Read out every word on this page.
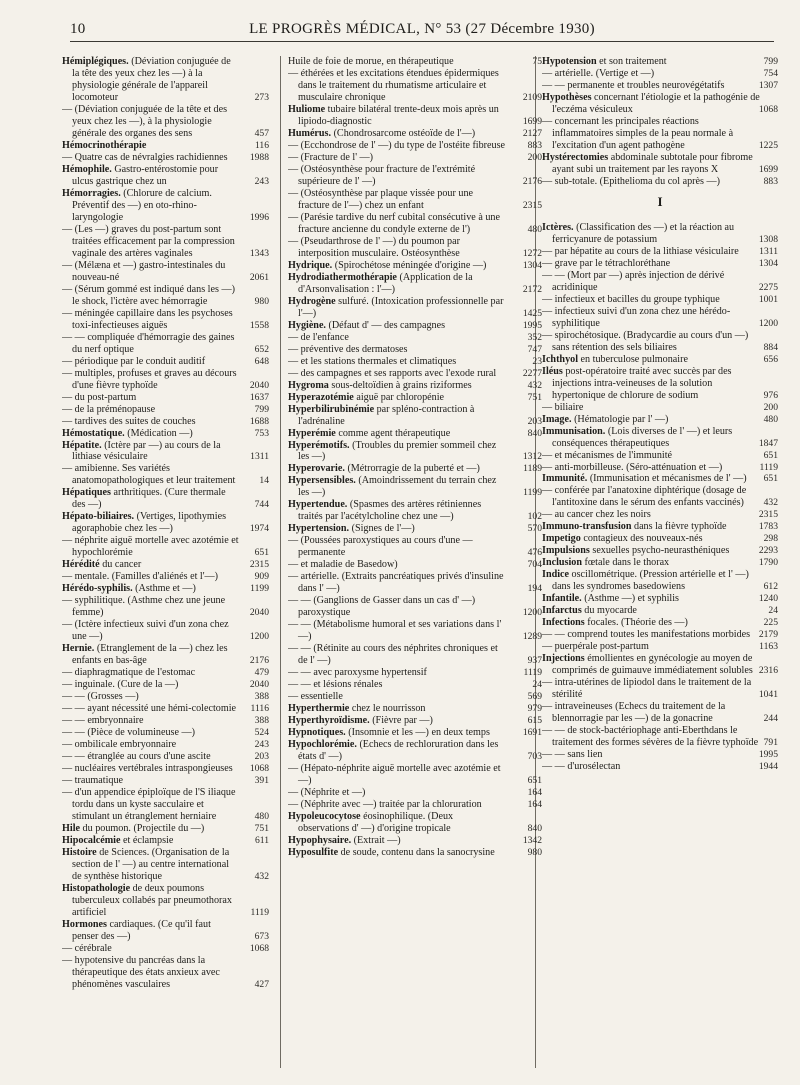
10	LE PROGRÈS MÉDICAL, N° 53 (27 Décembre 1930)
Hémiplégiques. (Déviation conjuguée de la tête des yeux chez les —) à la physiologie générale de l'appareil locomoteur	273
— (Déviation conjuguée de la tête et des yeux chez les —), à la physiologie générale des organes des sens	457
Hémocrinothérapie	116
— Quatre cas de névralgies rachidiennes 1988
Hémophile. Gastro-entérostomie pour ulcus gastrique chez un	243
Hémorragies. (Chlorure de calcium. Préventif des —) en oto-rhino-laryngologie	1996
— (Les —) graves du post-partum sont traitées efficacement par la compression vaginale des artères vaginales	1343
— (Mélæna et —) gastro-intestinales du nouveau-né	2061
— (Sérum gommé est indiqué dans les —) le shock, l'ictère avec hémorragie	980
— méningée capillaire dans les psychoses toxi-infectieuses aiguës	1558
— — compliquée d'hémorragie des gaines du nerf optique	652
— périodique par le conduit auditif	648
— multiples, profuses et graves au décours d'une fièvre typhoïde	2040
— du post-partum	1637
— de la préménopause	799
— tardives des suites de couches	1688
Hémostatique. (Médication —)	753
Hépatite. (Ictère par —) au cours de la lithiase vésiculaire	1311
— amibienne. Ses variétés anatomopathologiques et leur traitement	14
Hépatiques arthritiques. (Cure thermale des —)	744
Hépato-biliaires. (Vertiges, lipothymies agoraphobie chez les —)	1974
— néphrite aiguë mortelle avec azotémie et hypochlorémie	651
Hérédité du cancer	2315
— mentale. (Familles d'aliénés et l'—)	909
Hérédo-syphilis. (Asthme et —)	1199
— syphilitique. (Asthme chez une jeune femme)	2040
— (Ictère infectieux suivi d'un zona chez une —)	1200
Hernie. (Etranglement de la —) chez les enfants en bas-âge	2176
— diaphragmatique de l'estomac	479
— inguinale. (Cure de la —)	2040
— — (Grosses —)	388
— — ayant nécessité une hémi-colectomie 1116
— — embryonnaire	388
— — (Pièce de volumineuse —)	524
— ombilicale embryonnaire	243
— — étranglée au cours d'une ascite	203
— nucléaires vertébrales intraspongieuses 1068
— traumatique	391
— d'un appendice épiploïque de l'S iliaque tordu dans un kyste sacculaire et stimulant un étranglement herniaire	480
Hile du poumon. (Projectile du —)	751
Hipocalcémie et éclampsie	611
Histoire de Sciences. (Organisation de la section de l' —) au centre international de synthèse historique	432
Histopathologie de deux poumons tuberculeux collabés par pneumothorax artificiel	1119
Hormones cardiaques. (Ce qu'il faut penser des —)	673
— cérébrale	1068
— hypotensive du pancréas dans la thérapeutique des états anxieux avec phénomènes vasculaires	427
Huile de foie de morue, en thérapeutique	75
— éthérées et les excitations étendues épidermiques dans le traitement du rhumatisme articulaire et musculaire chronique	2109
Huliome tubaire bilatéral trente-deux mois après un lipiodo-diagnostic	1699
Humérus. (Chondrosarcome ostéoïde de l'—)	2127
— (Ecchondrose de l' —) du type de l'ostéite fibreuse 883
— (Fracture de l' —)	200
— (Ostéosynthèse pour fracture de l'extrémité supérieure de l' —)	2176
— (Ostéosynthèse par plaque vissée pour une fracture de l'—) chez un enfant	2315
— (Parésie tardive du nerf cubital consécutive à une fracture ancienne du condyle externe de l')	480
— (Pseudarthrose de l' —) du poumon par interposition musculaire. Ostéosynthèse	1272
Hydrique. (Spirochétose méningée d'origine —)	1304
Hydrodiathermothérapie (Application de la d'Arsonvalisation : l'—)	2172
Hydrogène sulfuré. (Intoxication professionnelle par l'—)	1425
Hygiène. (Défaut d' — des campagnes	1995
— de l'enfance	352
— préventive des dermatoses	747
— et les stations thermales et climatiques	23
— des campagnes et ses rapports avec l'exode rural	2277
Hygroma sous-deltoïdien à grains riziformes	432
Hyperazotémie aiguë par chloropénie	751
Hyperbilirubinémie par spléno-contraction à l'adrénaline	203
Hyperémie comme agent thérapeutique	840
Hyperémotifs. (Troubles du premier sommeil chez les —)	1312
Hyperovarie. (Métrorragie de la puberté et —)	1189
Hypersensibles. (Amoindrissement du terrain chez les —)	1199
Hypertendue. (Spasmes des artères rétiniennes traités par l'acétylcholine chez une —)	102
Hypertension. (Signes de l'—)	570
— (Poussées paroxystiques au cours d'une — permanente	476
— et maladie de Basedow)	704
— artérielle. (Extraits pancréatiques privés d'insuline dans l' —)	194
— — (Ganglions de Gasser dans un cas d' —) paroxystique	1200
— — (Métabolisme humoral et ses variations dans l' —)	1289
— — (Rétinite au cours des néphrites chroniques et de l' —)	937
— — avec paroxysme hypertensif	1119
— — et lésions rénales	24
— essentielle	569
Hyperthermie chez le nourrisson	979
Hyperthyroïdisme. (Fièvre par —)	615
Hypnotiques. (Insomnie et les —) en deux temps	1691
Hypochlorémie. (Echecs de rechloruration dans les états d' —)	703
— (Hépato-néphrite aiguë mortelle avec azotémie et —)	651
— (Néphrite et —)	164
— (Néphrite avec —) traitée par la chloruration	164
Hypoleucocytose éosinophilique. (Deux observations d' —) d'origine tropicale	840
Hypophysaire. (Extrait —)	1342
Hyposulfite de soude, contenu dans la sanocrysine	980
Hypotension et son traitement	799
— artérielle. (Vertige et —)	754
— — permanente et troubles neurovégétatifs	1307
Hypothèses concernant l'étiologie et la pathogénie de l'eczéma vésiculeux	1068
— concernant les principales réactions inflammatoires simples de la peau normale à l'excitation d'un agent pathogène	1225
Hystérectomies abdominale subtotale pour fibrome ayant subi un traitement par les rayons X	1699
— sub-totale. (Epithelioma du col après —)	883
I
Ictères. (Classification des —) et la réaction au ferricyanure de potassium	1308
— par hépatite au cours de la lithiase vésiculaire 1311
— grave par le tétrachloréthane	1304
— — (Mort par —) après injection de dérivé acridinique	2275
— infectieux et bacilles du groupe typhique	1001
— infectieux suivi d'un zona chez une hérédo-syphilitique	1200
— spirochétosique. (Bradycardie au cours d'un —) sans rétention des sels biliaires	884
Ichthyol en tuberculose pulmonaire	656
Iléus post-opératoire traité avec succès par des injections intra-veineuses de la solution hypertonique de chlorure de sodium	976
— biliaire	200
Image. (Hématologie par l' —)	480
Immunisation. (Lois diverses de l' —) et leurs conséquences thérapeutiques	1847
— et mécanismes de l'immunité	651
— anti-morbilleuse. (Séro-atténuation et —)	1119
Immunité. (Immunisation et mécanismes de l' —) 651
— conférée par l'anatoxine diphtérique (dosage de l'antitoxine dans le sérum des enfants vaccinés) 432
— au cancer chez les noirs	2315
Immuno-transfusion dans la fièvre typhoïde	1783
Impetigo contagieux des nouveaux-nés	298
Impulsions sexuelles psycho-neurasthéniques	2293
Inclusion fœtale dans le thorax	1790
Indice oscillométrique. (Pression artérielle et l' —) dans les syndromes basedowiens	612
Infantile. (Asthme —) et syphilis	1240
Infarctus du myocarde	24
Infections focales. (Théorie des —)	225
— — comprend toutes les manifestations morbides 2179
— puerpérale post-partum	1163
Injections émollientes en gynécologie au moyen de comprimés de guimauve immédiatement solubles 2316
— intra-utérines de lipiodol dans le traitement de la stérilité	1041
— intraveineuses (Echecs du traitement de la blennorragie par les —) de la gonacrine	244
— — de stock-bactériophage anti-Eberthdans le traitement des formes sévères de la fièvre typhoïde 791
— — sans lien	1995
— — d'urosélectan	1944
